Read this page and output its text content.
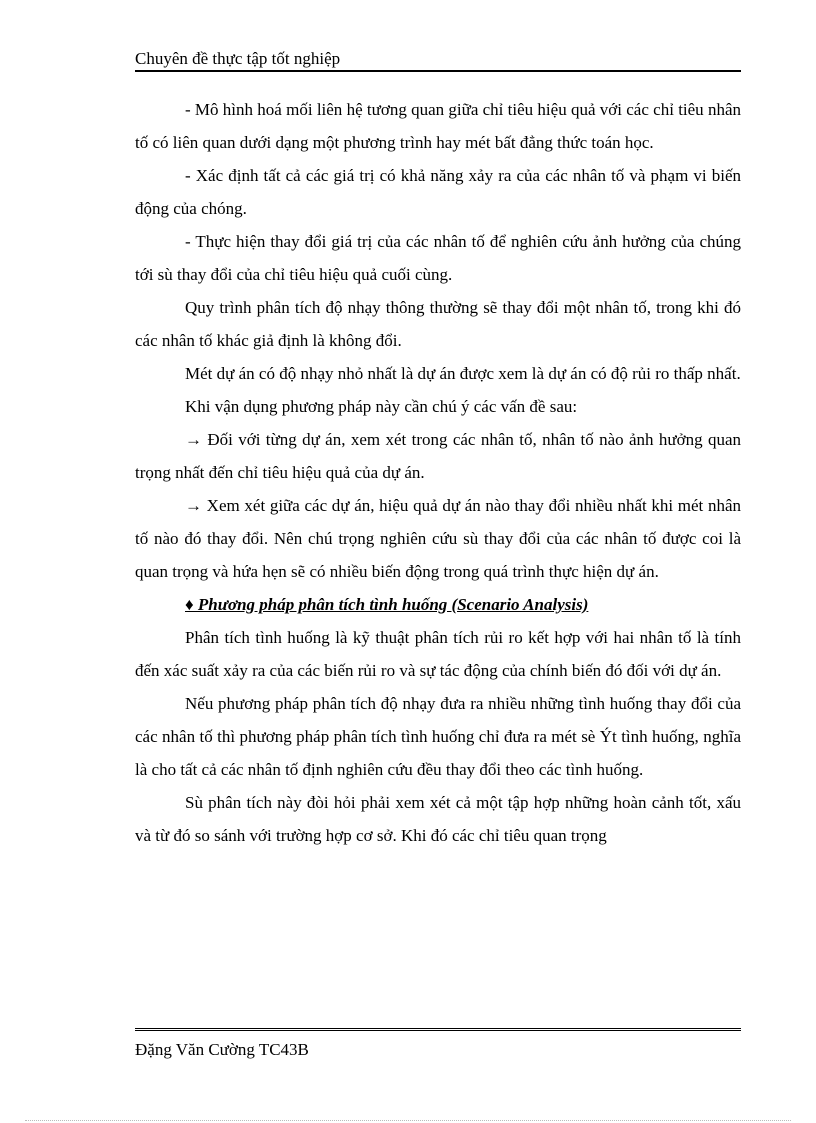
Chuyên đề thực tập tốt nghiệp

- Mô hình hoá mối liên hệ tương quan giữa chỉ tiêu hiệu quả với các chỉ tiêu nhân tố có liên quan dưới dạng một phương trình hay mét bất đẳng thức toán học.

- Xác định tất cả các giá trị có khả năng xảy ra của các nhân tố và phạm vi biến động của chóng.

- Thực hiện thay đổi giá trị của các nhân tố để nghiên cứu ảnh hưởng của chúng tới sù thay đổi của chỉ tiêu hiệu quả cuối cùng.

Quy trình phân tích độ nhạy thông thường sẽ thay đổi một nhân tố, trong khi đó các nhân tố khác giả định là không đổi.

Mét dự án có độ nhạy nhỏ nhất là dự án được xem là dự án có độ rủi ro thấp nhất.

Khi vận dụng phương pháp này cần chú ý các vấn đề sau:

→ Đối với từng dự án, xem xét trong các nhân tố, nhân tố nào ảnh hưởng quan trọng nhất đến chỉ tiêu hiệu quả của dự án.

→ Xem xét giữa các dự án, hiệu quả dự án nào thay đổi nhiều nhất khi mét nhân tố nào đó thay đổi. Nên chú trọng nghiên cứu sù thay đổi của các nhân tố được coi là quan trọng và hứa hẹn sẽ có nhiều biến động trong quá trình thực hiện dự án.

♦ Phương pháp phân tích tình huống (Scenario Analysis)

Phân tích tình huống là kỹ thuật phân tích rủi ro kết hợp với hai nhân tố là tính đến xác suất xảy ra của các biến rủi ro và sự tác động của chính biến đó đối với dự án.

Nếu phương pháp phân tích độ nhạy đưa ra nhiều những tình huống thay đổi của các nhân tố thì phương pháp phân tích tình huống chỉ đưa ra mét sè Ýt tình huống, nghĩa là cho tất cả các nhân tố định nghiên cứu đều thay đổi theo các tình huống.

Sù phân tích này đòi hỏi phải xem xét cả một tập hợp những hoàn cảnh tốt, xấu và từ đó so sánh với trường hợp cơ sở. Khi đó các chỉ tiêu quan trọng

Đặng Văn Cường TC43B
